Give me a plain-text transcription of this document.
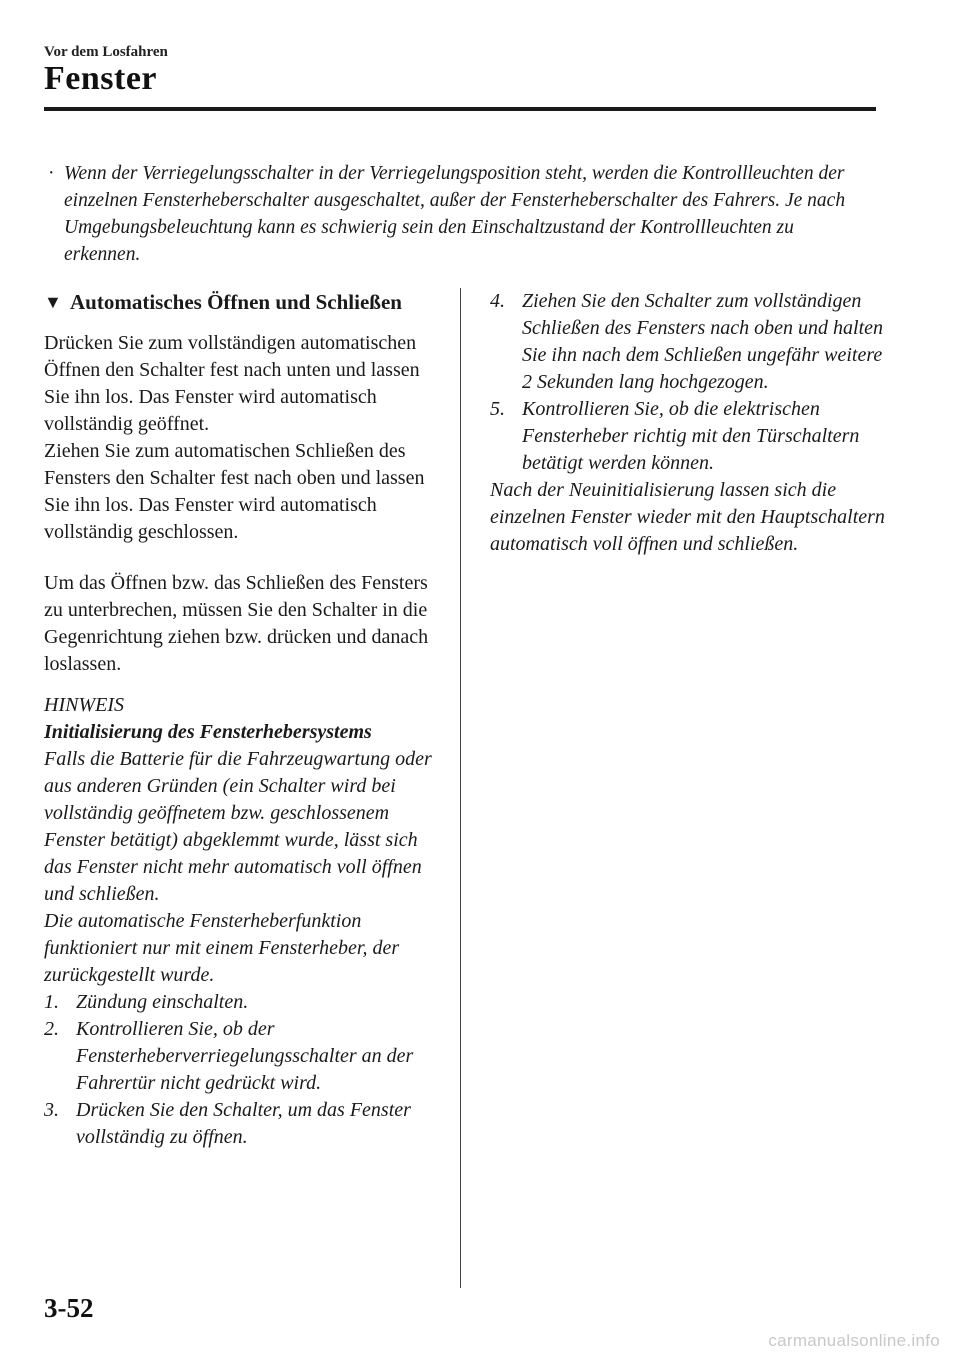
Vor dem Losfahren
Fenster
· Wenn der Verriegelungsschalter in der Verriegelungsposition steht, werden die Kontrollleuchten der einzelnen Fensterheberschalter ausgeschaltet, außer der Fensterheberschalter des Fahrers. Je nach Umgebungsbeleuchtung kann es schwierig sein den Einschaltzustand der Kontrollleuchten zu erkennen.
▼ Automatisches Öffnen und Schließen

Drücken Sie zum vollständigen automatischen Öffnen den Schalter fest nach unten und lassen Sie ihn los. Das Fenster wird automatisch vollständig geöffnet.

Ziehen Sie zum automatischen Schließen des Fensters den Schalter fest nach oben und lassen Sie ihn los. Das Fenster wird automatisch vollständig geschlossen.

Um das Öffnen bzw. das Schließen des Fensters zu unterbrechen, müssen Sie den Schalter in die Gegenrichtung ziehen bzw. drücken und danach loslassen.

HINWEIS
Initialisierung des Fensterhebersystems
Falls die Batterie für die Fahrzeugwartung oder aus anderen Gründen (ein Schalter wird bei vollständig geöffnetem bzw. geschlossenem Fenster betätigt) abgeklemmt wurde, lässt sich das Fenster nicht mehr automatisch voll öffnen und schließen.
Die automatische Fensterheberfunktion funktioniert nur mit einem Fensterheber, der zurückgestellt wurde.
1. Zündung einschalten.
2. Kontrollieren Sie, ob der Fensterheberverriegelungsschalter an der Fahrertür nicht gedrückt wird.
3. Drücken Sie den Schalter, um das Fenster vollständig zu öffnen.
4. Ziehen Sie den Schalter zum vollständigen Schließen des Fensters nach oben und halten Sie ihn nach dem Schließen ungefähr weitere 2 Sekunden lang hochgezogen.
5. Kontrollieren Sie, ob die elektrischen Fensterheber richtig mit den Türschaltern betätigt werden können.

Nach der Neuinitialisierung lassen sich die einzelnen Fenster wieder mit den Hauptschaltern automatisch voll öffnen und schließen.

3-52
carmanualsonline.info
